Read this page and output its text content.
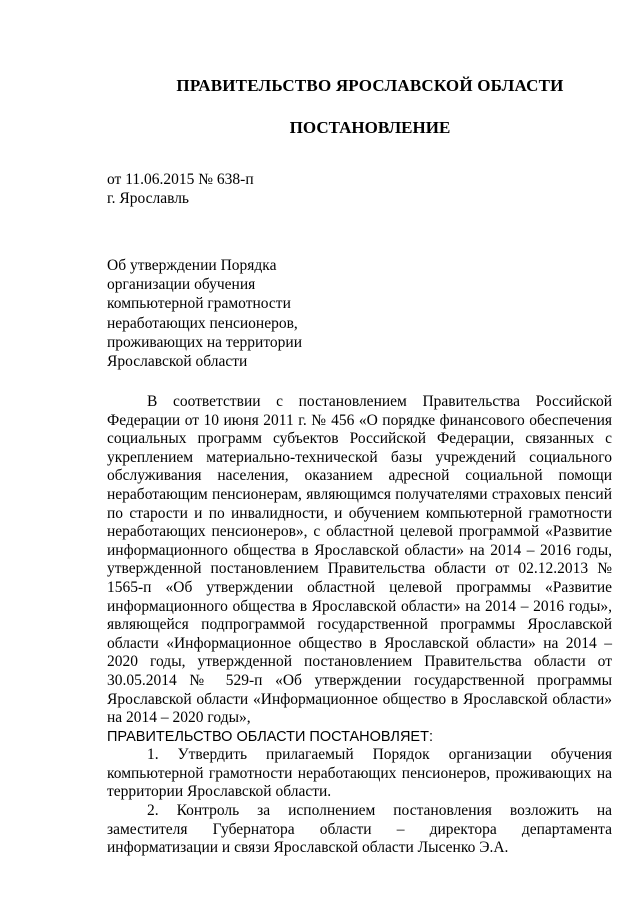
ПРАВИТЕЛЬСТВО ЯРОСЛАВСКОЙ ОБЛАСТИ
ПОСТАНОВЛЕНИЕ
от 11.06.2015 № 638-п
г. Ярославль
Об утверждении Порядка
организации обучения
компьютерной грамотности
неработающих пенсионеров,
проживающих на территории
Ярославской области

В соответствии с постановлением Правительства Российской Федерации от 10 июня 2011 г. № 456 «О порядке финансового обеспечения социальных программ субъектов Российской Федерации, связанных с укреплением материально-технической базы учреждений социального обслуживания населения, оказанием адресной социальной помощи неработающим пенсионерам, являющимся получателями страховых пенсий по старости и по инвалидности, и обучением компьютерной грамотности неработающих пенсионеров», с областной целевой программой «Развитие информационного общества в Ярославской области» на 2014 – 2016 годы, утвержденной постановлением Правительства области от 02.12.2013 № 1565-п «Об утверждении областной целевой программы «Развитие информационного общества в Ярославской области» на 2014 – 2016 годы», являющейся подпрограммой государственной программы Ярославской области «Информационное общество в Ярославской области» на 2014 – 2020 годы, утвержденной постановлением Правительства области от 30.05.2014 № 529-п «Об утверждении государственной программы Ярославской области «Информационное общество в Ярославской области» на 2014 – 2020 годы»,

ПРАВИТЕЛЬСТВО ОБЛАСТИ ПОСТАНОВЛЯЕТ:

1. Утвердить прилагаемый Порядок организации обучения компьютерной грамотности неработающих пенсионеров, проживающих на территории Ярославской области.

2. Контроль за исполнением постановления возложить на заместителя Губернатора области – директора департамента информатизации и связи Ярославской области Лысенко Э.А.
